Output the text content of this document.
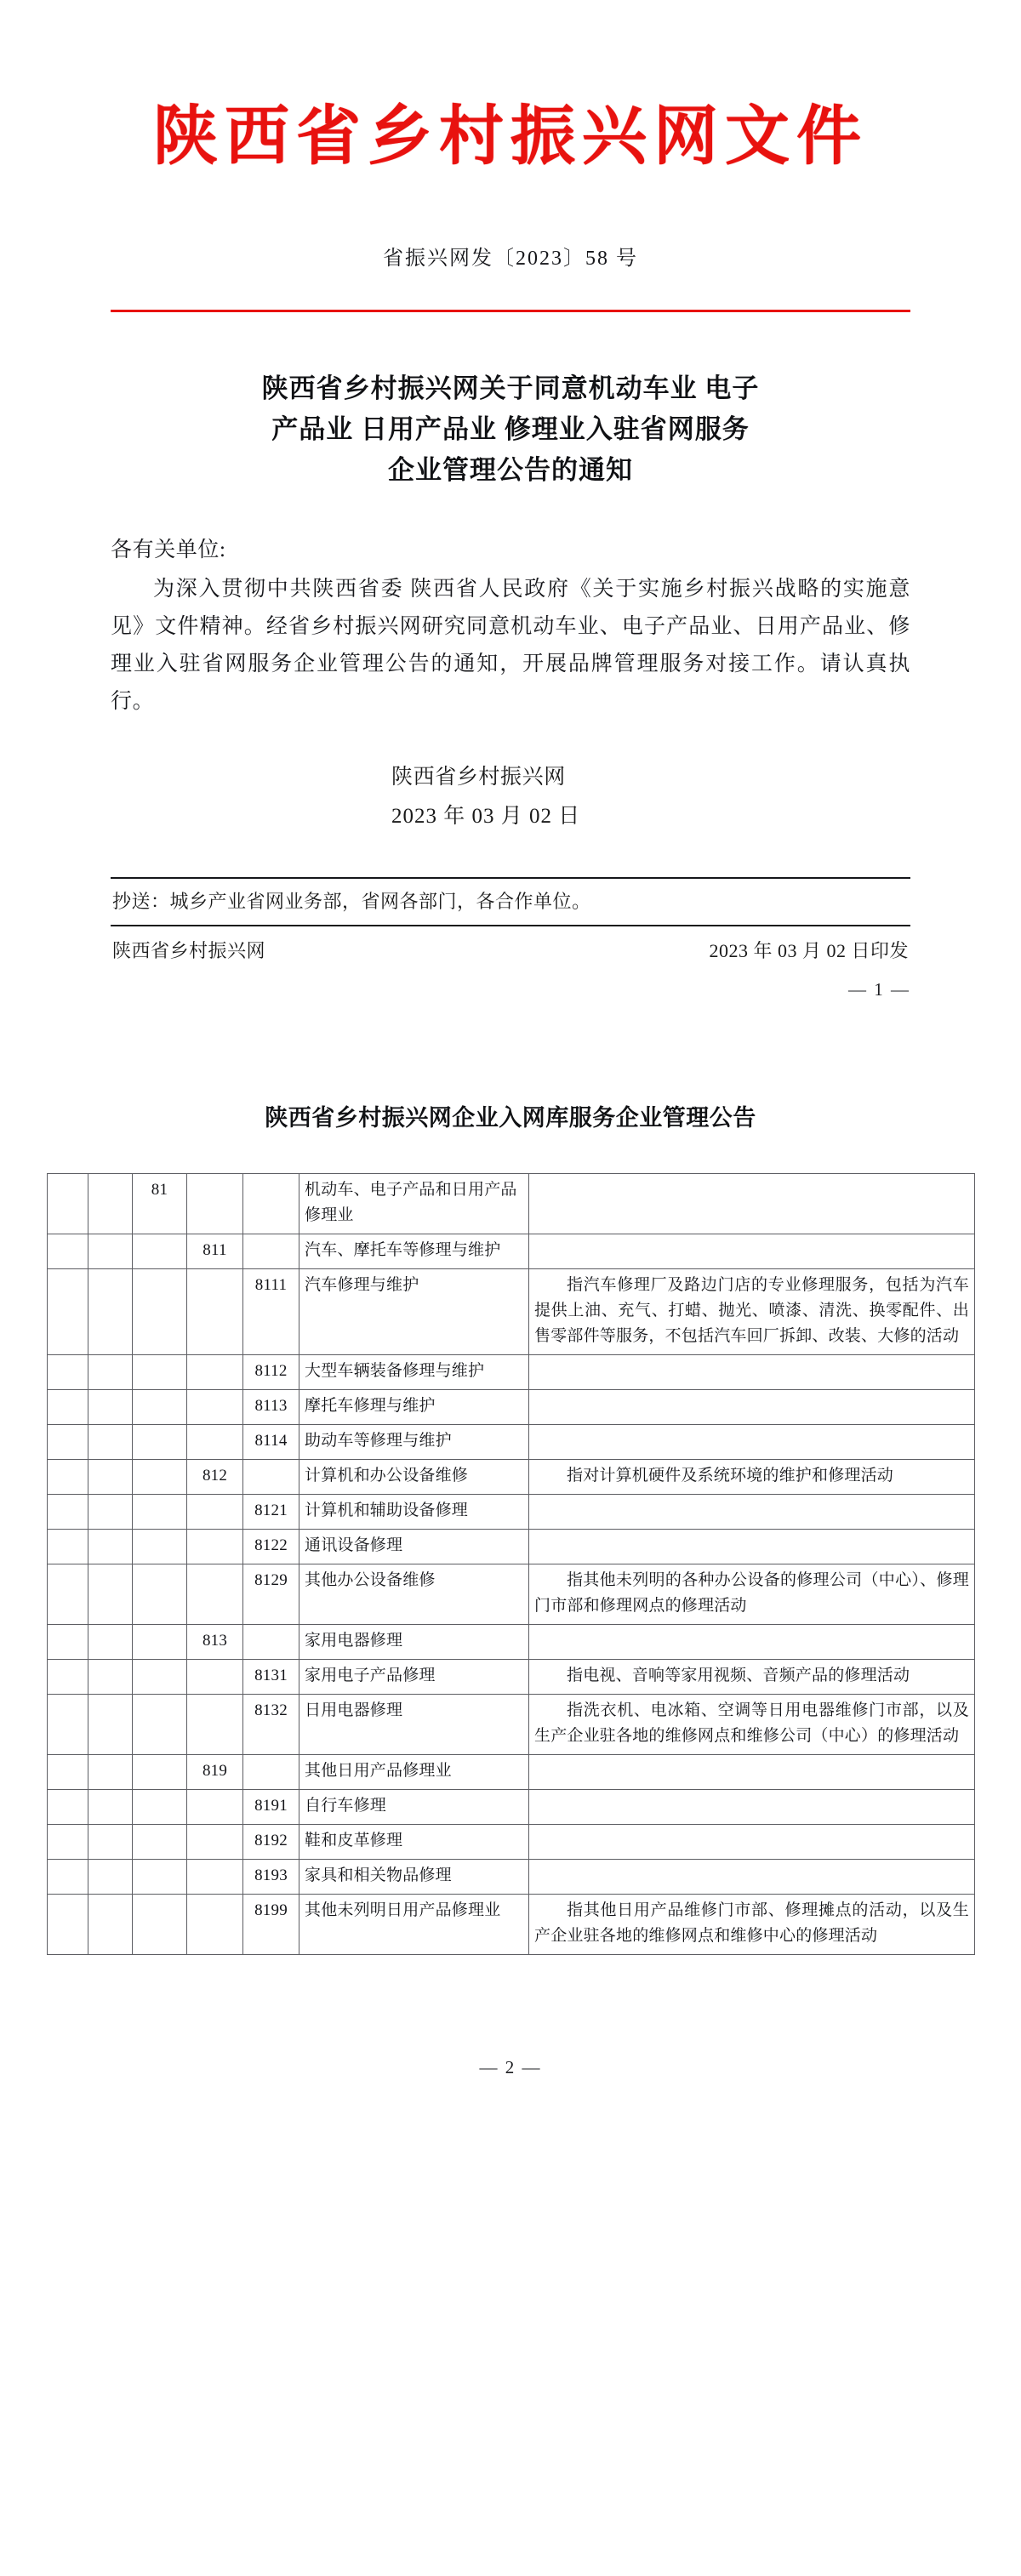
陕西省乡村振兴网文件
省振兴网发〔2023〕58 号
陕西省乡村振兴网关于同意机动车业 电子
产品业 日用产品业 修理业入驻省网服务
企业管理公告的通知
各有关单位:
为深入贯彻中共陕西省委 陕西省人民政府《关于实施乡村振兴战略的实施意见》文件精神。经省乡村振兴网研究同意机动车业、电子产品业、日用产品业、修理业入驻省网服务企业管理公告的通知，开展品牌管理服务对接工作。请认真执行。
陕西省乡村振兴网
2023 年 03 月 02 日
抄送：城乡产业省网业务部，省网各部门，各合作单位。
陕西省乡村振兴网	2023 年 03 月 02 日印发
— 1 —
陕西省乡村振兴网企业入网库服务企业管理公告
		81			机动车、电子产品和日用产品修理业	
			811		汽车、摩托车等修理与维护	
				8111	汽车修理与维护	指汽车修理厂及路边门店的专业修理服务，包括为汽车提供上油、充气、打蜡、抛光、喷漆、清洗、换零配件、出售零部件等服务，不包括汽车回厂拆卸、改装、大修的活动
				8112	大型车辆装备修理与维护	
				8113	摩托车修理与维护	
				8114	助动车等修理与维护	
			812		计算机和办公设备维修	指对计算机硬件及系统环境的维护和修理活动
				8121	计算机和辅助设备修理	
				8122	通讯设备修理	
				8129	其他办公设备维修	指其他未列明的各种办公设备的修理公司（中心）、修理门市部和修理网点的修理活动
			813		家用电器修理	
				8131	家用电子产品修理	指电视、音响等家用视频、音频产品的修理活动
				8132	日用电器修理	指洗衣机、电冰箱、空调等日用电器维修门市部，以及生产企业驻各地的维修网点和维修公司（中心）的修理活动
			819		其他日用产品修理业	
				8191	自行车修理	
				8192	鞋和皮革修理	
				8193	家具和相关物品修理	
				8199	其他未列明日用产品修理业	指其他日用产品维修门市部、修理摊点的活动，以及生产企业驻各地的维修网点和维修中心的修理活动
— 2 —
